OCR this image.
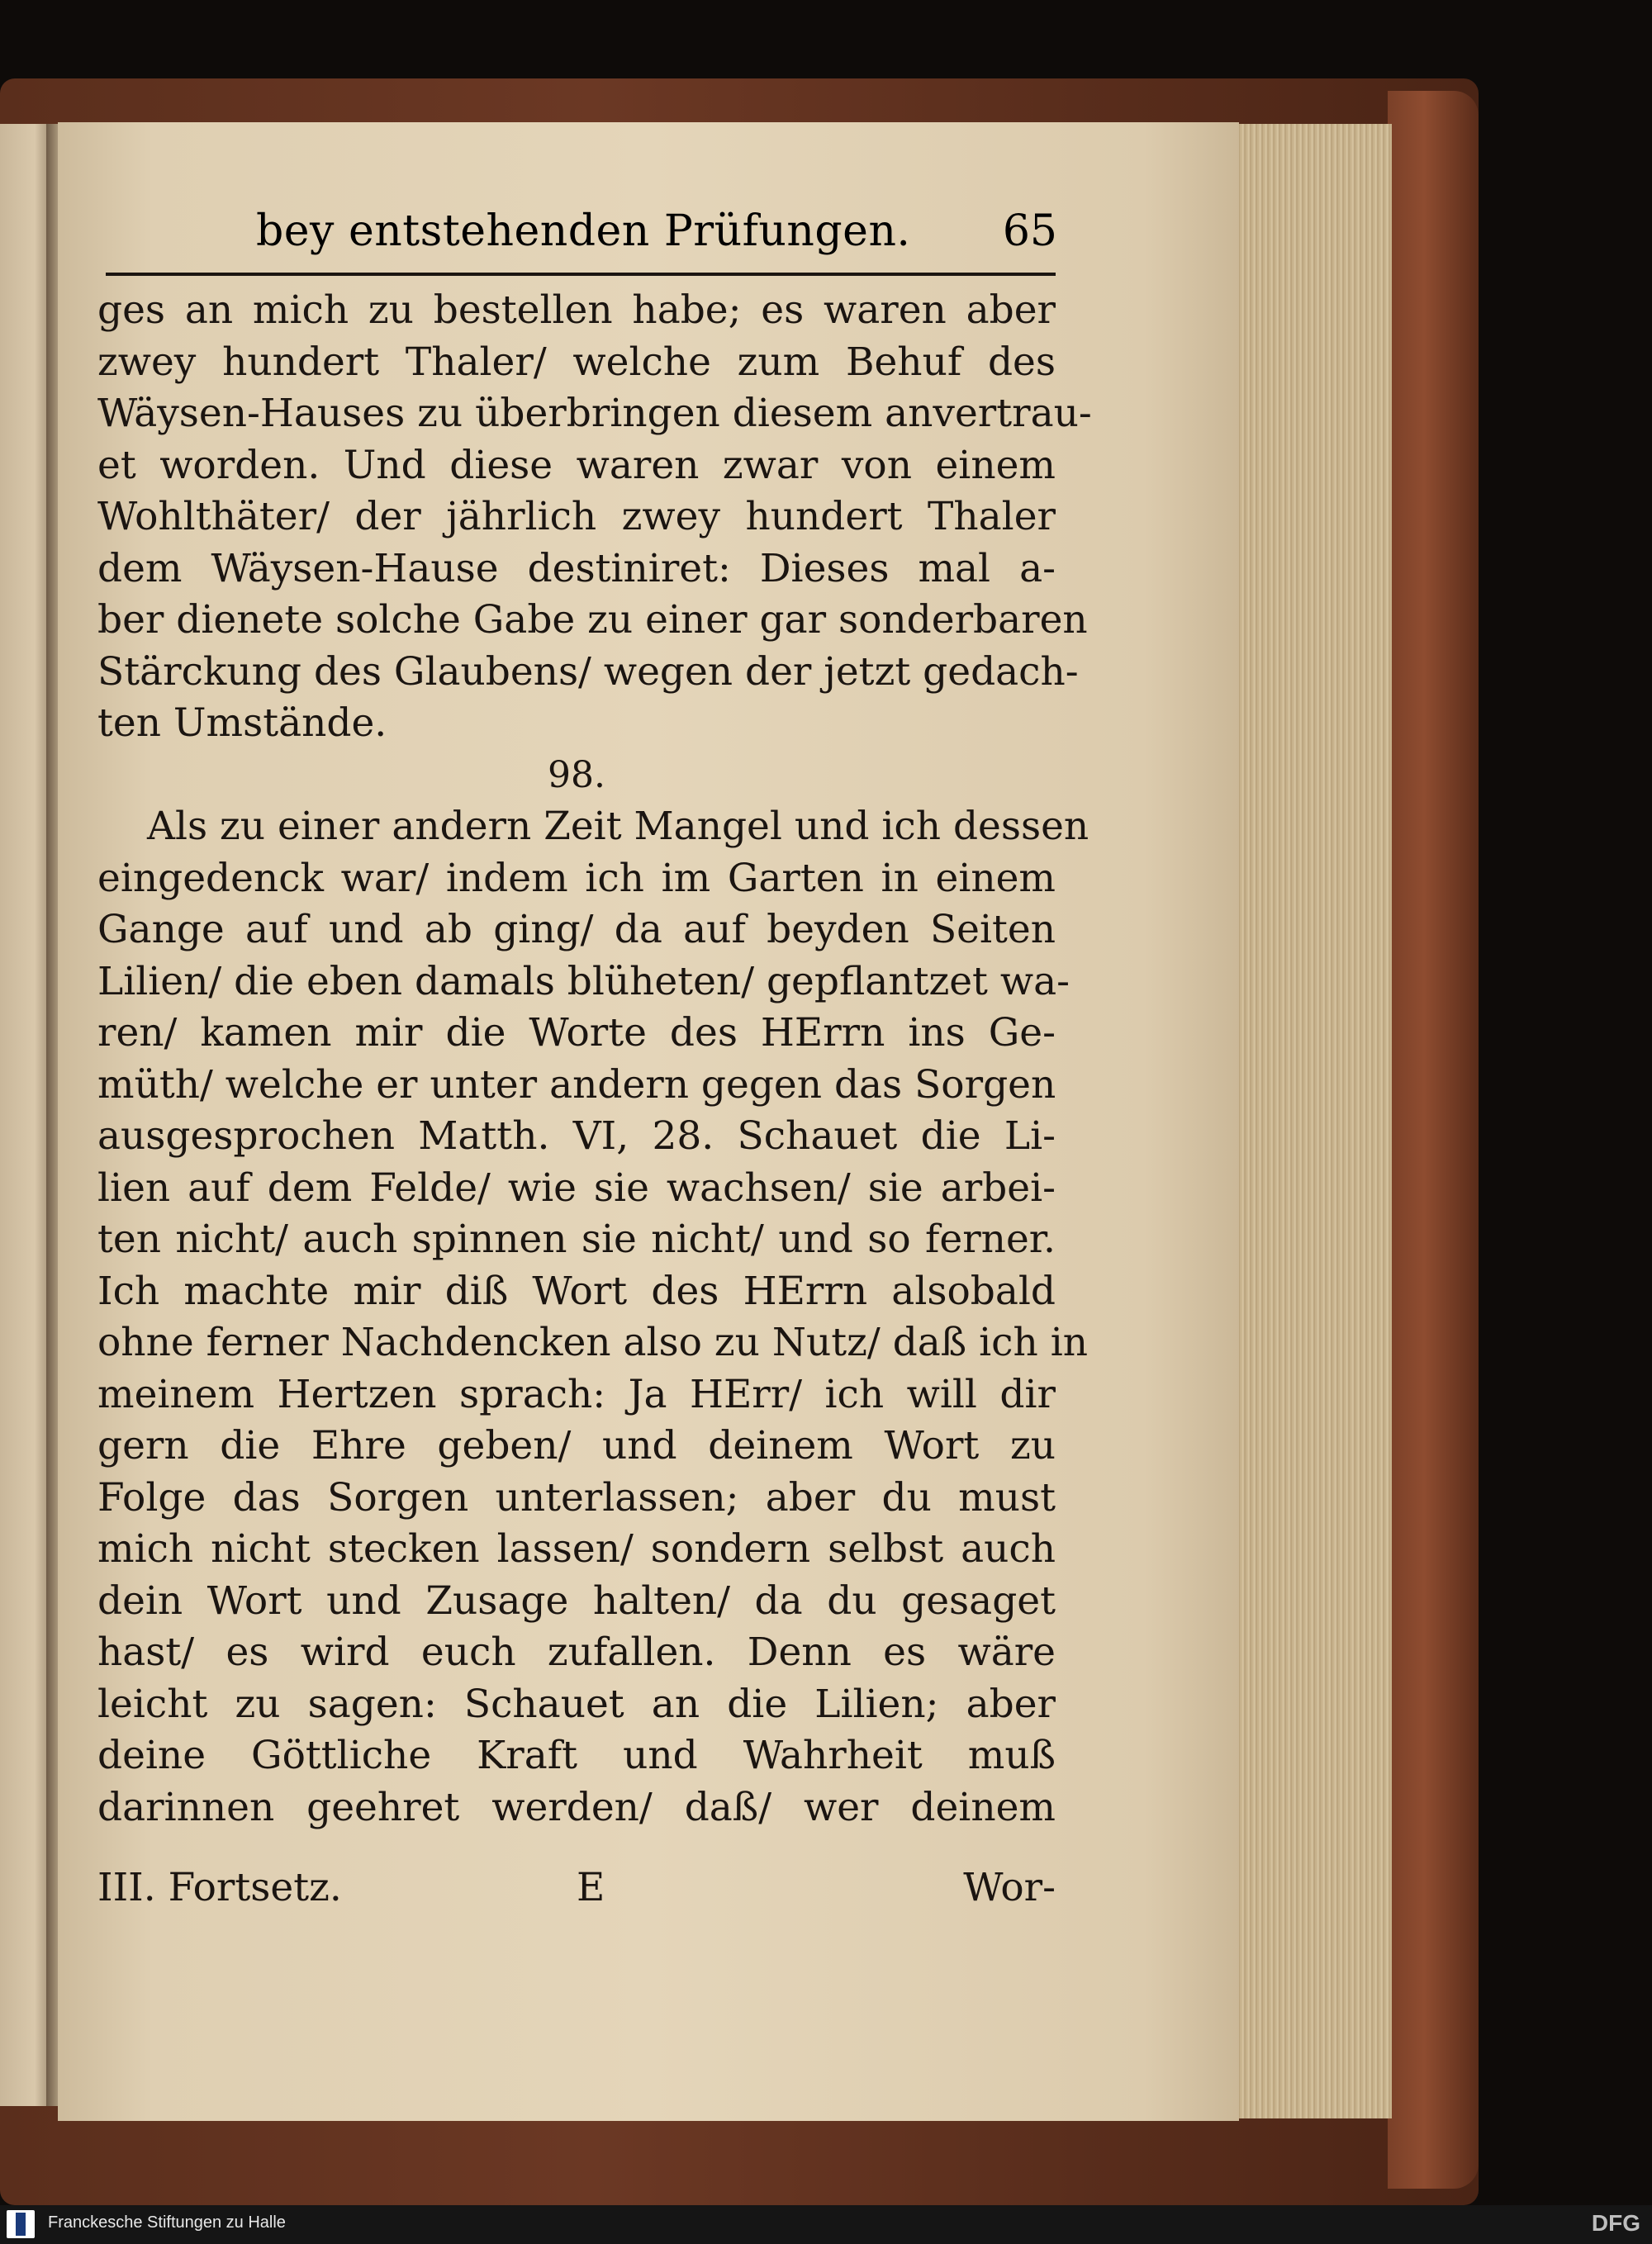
bey entstehenden Prüfungen. 65
ges an mich zu bestellen habe; es waren aber
zwey hundert Thaler/ welche zum Behuf des
Wäysen-Hauses zu überbringen diesem anvertrau-
et worden. Und diese waren zwar von einem
Wohlthäter/ der jährlich zwey hundert Thaler
dem Wäysen-Hause destiniret: Dieses mal a-
ber dienete solche Gabe zu einer gar sonderbaren
Stärckung des Glaubens/ wegen der jetzt gedach-
ten Umstände.
98.
Als zu einer andern Zeit Mangel und ich dessen
eingedenck war/ indem ich im Garten in einem
Gange auf und ab ging/ da auf beyden Seiten
Lilien/ die eben damals blüheten/ gepflantzet wa-
ren/ kamen mir die Worte des HErrn ins Ge-
müth/ welche er unter andern gegen das Sorgen
ausgesprochen Matth. VI, 28. Schauet die Li-
lien auf dem Felde/ wie sie wachsen/ sie arbei-
ten nicht/ auch spinnen sie nicht/ und so ferner.
Ich machte mir diß Wort des HErrn alsobald
ohne ferner Nachdencken also zu Nutz/ daß ich in
meinem Hertzen sprach: Ja HErr/ ich will dir
gern die Ehre geben/ und deinem Wort zu
Folge das Sorgen unterlassen; aber du must
mich nicht stecken lassen/ sondern selbst auch
dein Wort und Zusage halten/ da du gesaget
hast/ es wird euch zufallen. Denn es wäre
leicht zu sagen: Schauet an die Lilien; aber
deine Göttliche Kraft und Wahrheit muß
darinnen geehret werden/ daß/ wer deinem
III. Fortsetz.	E	Wor-
Franckesche Stiftungen zu Halle	DFG
